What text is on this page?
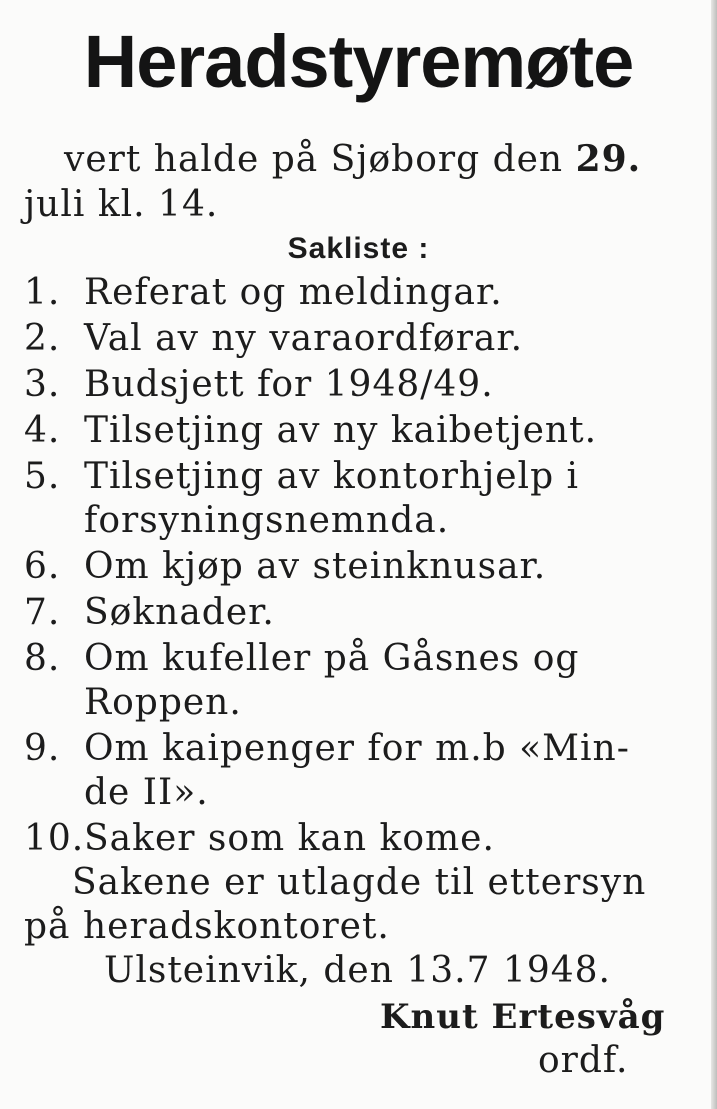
Heradstyremøte
vert halde på Sjøborg den 29.
juli kl. 14.
Sakliste :
1. Referat og meldingar.
2. Val av ny varaordførar.
3. Budsjett for 1948/49.
4. Tilsetjing av ny kaibetjent.
5. Tilsetjing av kontorhjelp i
forsyningsnemnda.
6. Om kjøp av steinknusar.
7. Søknader.
8. Om kufeller på Gåsnes og
Roppen.
9. Om kaipenger for m.b «Min-
de II».
10.Saker som kan kome.
Sakene er utlagde til ettersyn
på heradskontoret.
Ulsteinvik, den 13.7 1948.
Knut Ertesvåg
ordf.
